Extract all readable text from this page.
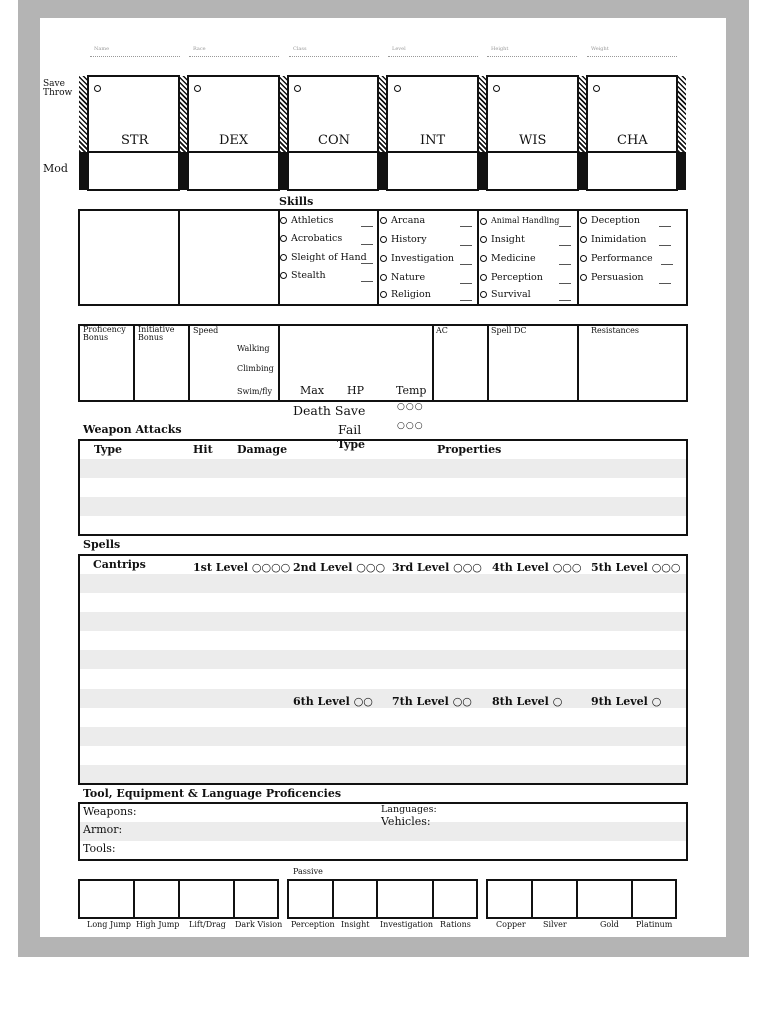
Name	Race	Class	Level	Height	Weight
Save Throw
Mod
STR	DEX	CON	INT	WIS	CHA
Skills
Athletics
Acrobatics
Sleight of Hand
Stealth
Arcana
History
Investigation
Nature
Religion
Animal Handling
Insight
Medicine
Perception
Survival
Deception
Inimidation
Performance
Persuasion
Proficency Bonus
Initiative Bonus
Speed
Walking
Climbing
Swim/fly	Max HP	Temp
AC	Spell DC	Resistances
Death Save	○○○
Fail	○○○
Weapon Attacks
Type	Hit Damage	Type	Properties
Spells
Cantrips	1st Level ○○○○ 2nd Level ○○○ 3rd Level ○○○ 4th Level ○○○ 5th Level ○○○
6th Level ○○ 7th Level ○○ 8th Level ○	9th Level ○
Tool, Equipment & Language Proficencies
Weapons:
Armor:
Tools:
Languages:
Vehicles:
Passive
Long Jump High Jump Lift/Drag Dark Vision Perception Insight Investigation Rations	Copper Silver	Gold Platinum
